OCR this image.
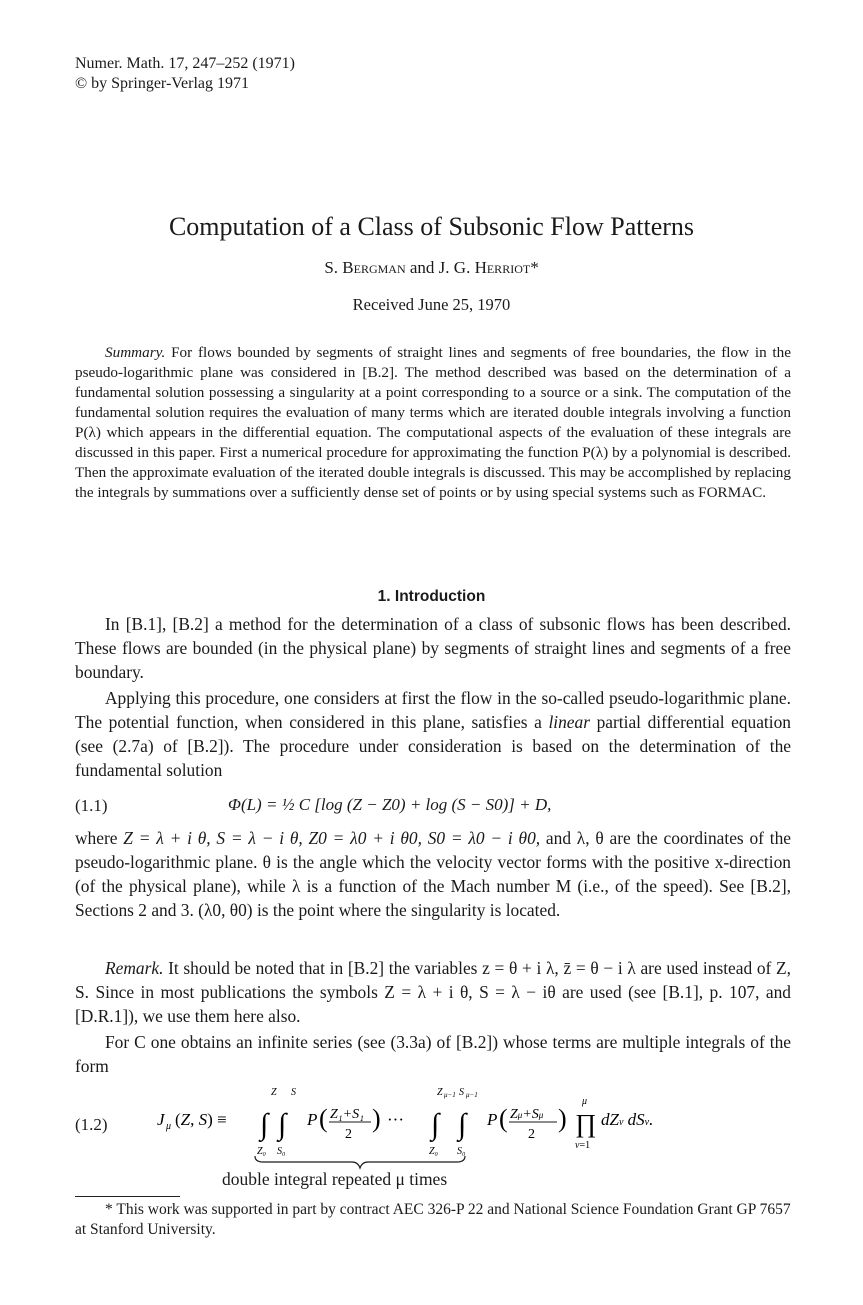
Numer. Math. 17, 247–252 (1971)
© by Springer-Verlag 1971
Computation of a Class of Subsonic Flow Patterns
S. Bergman and J. G. Herriot*
Received June 25, 1970
Summary. For flows bounded by segments of straight lines and segments of free boundaries, the flow in the pseudo-logarithmic plane was considered in [B.2]. The method described was based on the determination of a fundamental solution possessing a singularity at a point corresponding to a source or a sink. The computation of the fundamental solution requires the evaluation of many terms which are iterated double integrals involving a function P(λ) which appears in the differential equation. The computational aspects of the evaluation of these integrals are discussed in this paper. First a numerical procedure for approximating the function P(λ) by a polynomial is described. Then the approximate evaluation of the iterated double integrals is discussed. This may be accomplished by replacing the integrals by summations over a sufficiently dense set of points or by using special systems such as FORMAC.
1. Introduction
In [B.1], [B.2] a method for the determination of a class of subsonic flows has been described. These flows are bounded (in the physical plane) by segments of straight lines and segments of a free boundary.
Applying this procedure, one considers at first the flow in the so-called pseudo-logarithmic plane. The potential function, when considered in this plane, satisfies a linear partial differential equation (see (2.7a) of [B.2]). The procedure under consideration is based on the determination of the fundamental solution
(1.1)	Φ(L) = ½ C [log (Z − Z0) + log (S − S0)] + D,
where Z = λ + i θ, S = λ − i θ, Z0 = λ0 + i θ0, S0 = λ0 − i θ0, and λ, θ are the coordinates of the pseudo-logarithmic plane. θ is the angle which the velocity vector forms with the positive x-direction (of the physical plane), while λ is a function of the Mach number M (i.e., of the speed). See [B.2], Sections 2 and 3. (λ0, θ0) is the point where the singularity is located.
Remark. It should be noted that in [B.2] the variables z = θ + i λ, z̄ = θ − i λ are used instead of Z, S. Since in most publications the symbols Z = λ + i θ, S = λ − iθ are used (see [B.1], p. 107, and [D.R.1]), we use them here also.
For C one obtains an infinite series (see (3.3a) of [B.2]) whose terms are multiple integrals of the form
(1.2)	J μ (Z, S) ≡
Z S
∫ ∫
Z₀ S₀
P ( Z₁+S₁
2
) ···
Z μ−1 S μ−1
∫ ∫
Z₀ S₀
P ( Zμ+Sμ
2
)
μ
∏
ν=1
dZν dSν.
double integral repeated μ times
* This work was supported in part by contract AEC 326-P 22 and National Science Foundation Grant GP 7657 at Stanford University.
